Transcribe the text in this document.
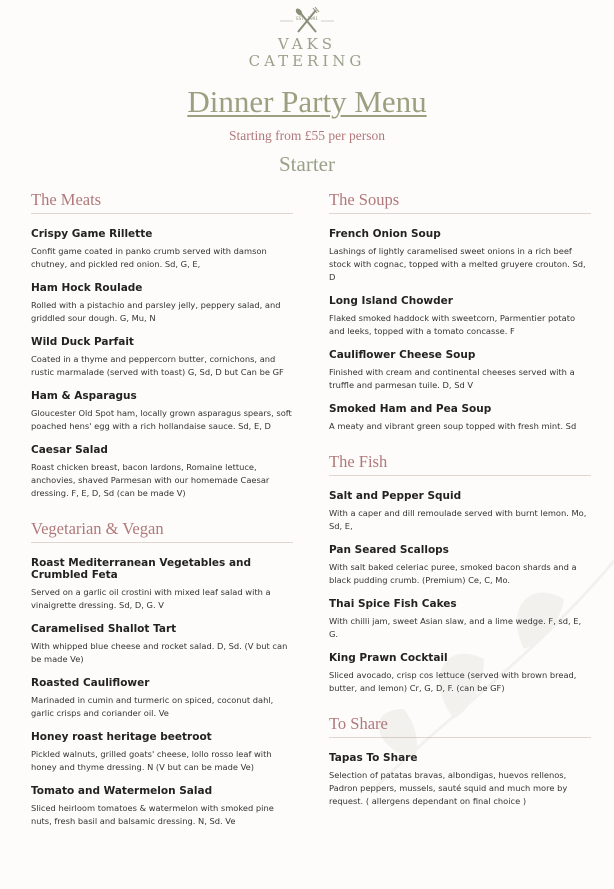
EST · 1991
VAKS
CATERING
Dinner Party Menu
Starting from £55 per person
Starter
The Meats
Crispy Game Rillette
Confit game coated in panko crumb served with damson chutney, and pickled red onion. Sd, G, E,
Ham Hock Roulade
Rolled with a pistachio and parsley jelly, peppery salad, and griddled sour dough. G, Mu, N
Wild Duck Parfait
Coated in a thyme and peppercorn butter, cornichons, and rustic marmalade (served with toast) G, Sd, D but Can be GF
Ham & Asparagus
Gloucester Old Spot ham, locally grown asparagus spears, soft poached hens' egg with a rich hollandaise sauce. Sd, E, D
Caesar Salad
Roast chicken breast, bacon lardons, Romaine lettuce, anchovies, shaved Parmesan with our homemade Caesar dressing. F, E, D, Sd (can be made V)
Vegetarian & Vegan
Roast Mediterranean Vegetables and Crumbled Feta
Served on a garlic oil crostini with mixed leaf salad with a vinaigrette dressing. Sd, D, G. V
Caramelised Shallot Tart
With whipped blue cheese and rocket salad. D, Sd. (V but can be made Ve)
Roasted Cauliflower
Marinaded in cumin and turmeric on spiced, coconut dahl, garlic crisps and coriander oil. Ve
Honey roast heritage beetroot
Pickled walnuts, grilled goats' cheese, lollo rosso leaf with honey and thyme dressing. N (V but can be made Ve)
Tomato and Watermelon Salad
Sliced heirloom tomatoes & watermelon with smoked pine nuts, fresh basil and balsamic dressing. N, Sd. Ve
The Soups
French Onion Soup
Lashings of lightly caramelised sweet onions in a rich beef stock with cognac, topped with a melted gruyere crouton. Sd, D
Long Island Chowder
Flaked smoked haddock with sweetcorn, Parmentier potato and leeks, topped with a tomato concasse. F
Cauliflower Cheese Soup
Finished with cream and continental cheeses served with a truffle and parmesan tuile. D, Sd V
Smoked Ham and Pea Soup
A meaty and vibrant green soup topped with fresh mint. Sd
The Fish
Salt and Pepper Squid
With a caper and dill remoulade served with burnt lemon. Mo, Sd, E,
Pan Seared Scallops
With salt baked celeriac puree, smoked bacon shards and a black pudding crumb. (Premium) Ce, C, Mo.
Thai Spice Fish Cakes
With chilli jam, sweet Asian slaw, and a lime wedge. F, sd, E, G.
King Prawn Cocktail
Sliced avocado, crisp cos lettuce (served with brown bread, butter, and lemon) Cr, G, D, F. (can be GF)
To Share
Tapas To Share
Selection of patatas bravas, albondigas, huevos rellenos, Padron peppers, mussels, sauté squid and much more by request. ( allergens dependant on final choice )
